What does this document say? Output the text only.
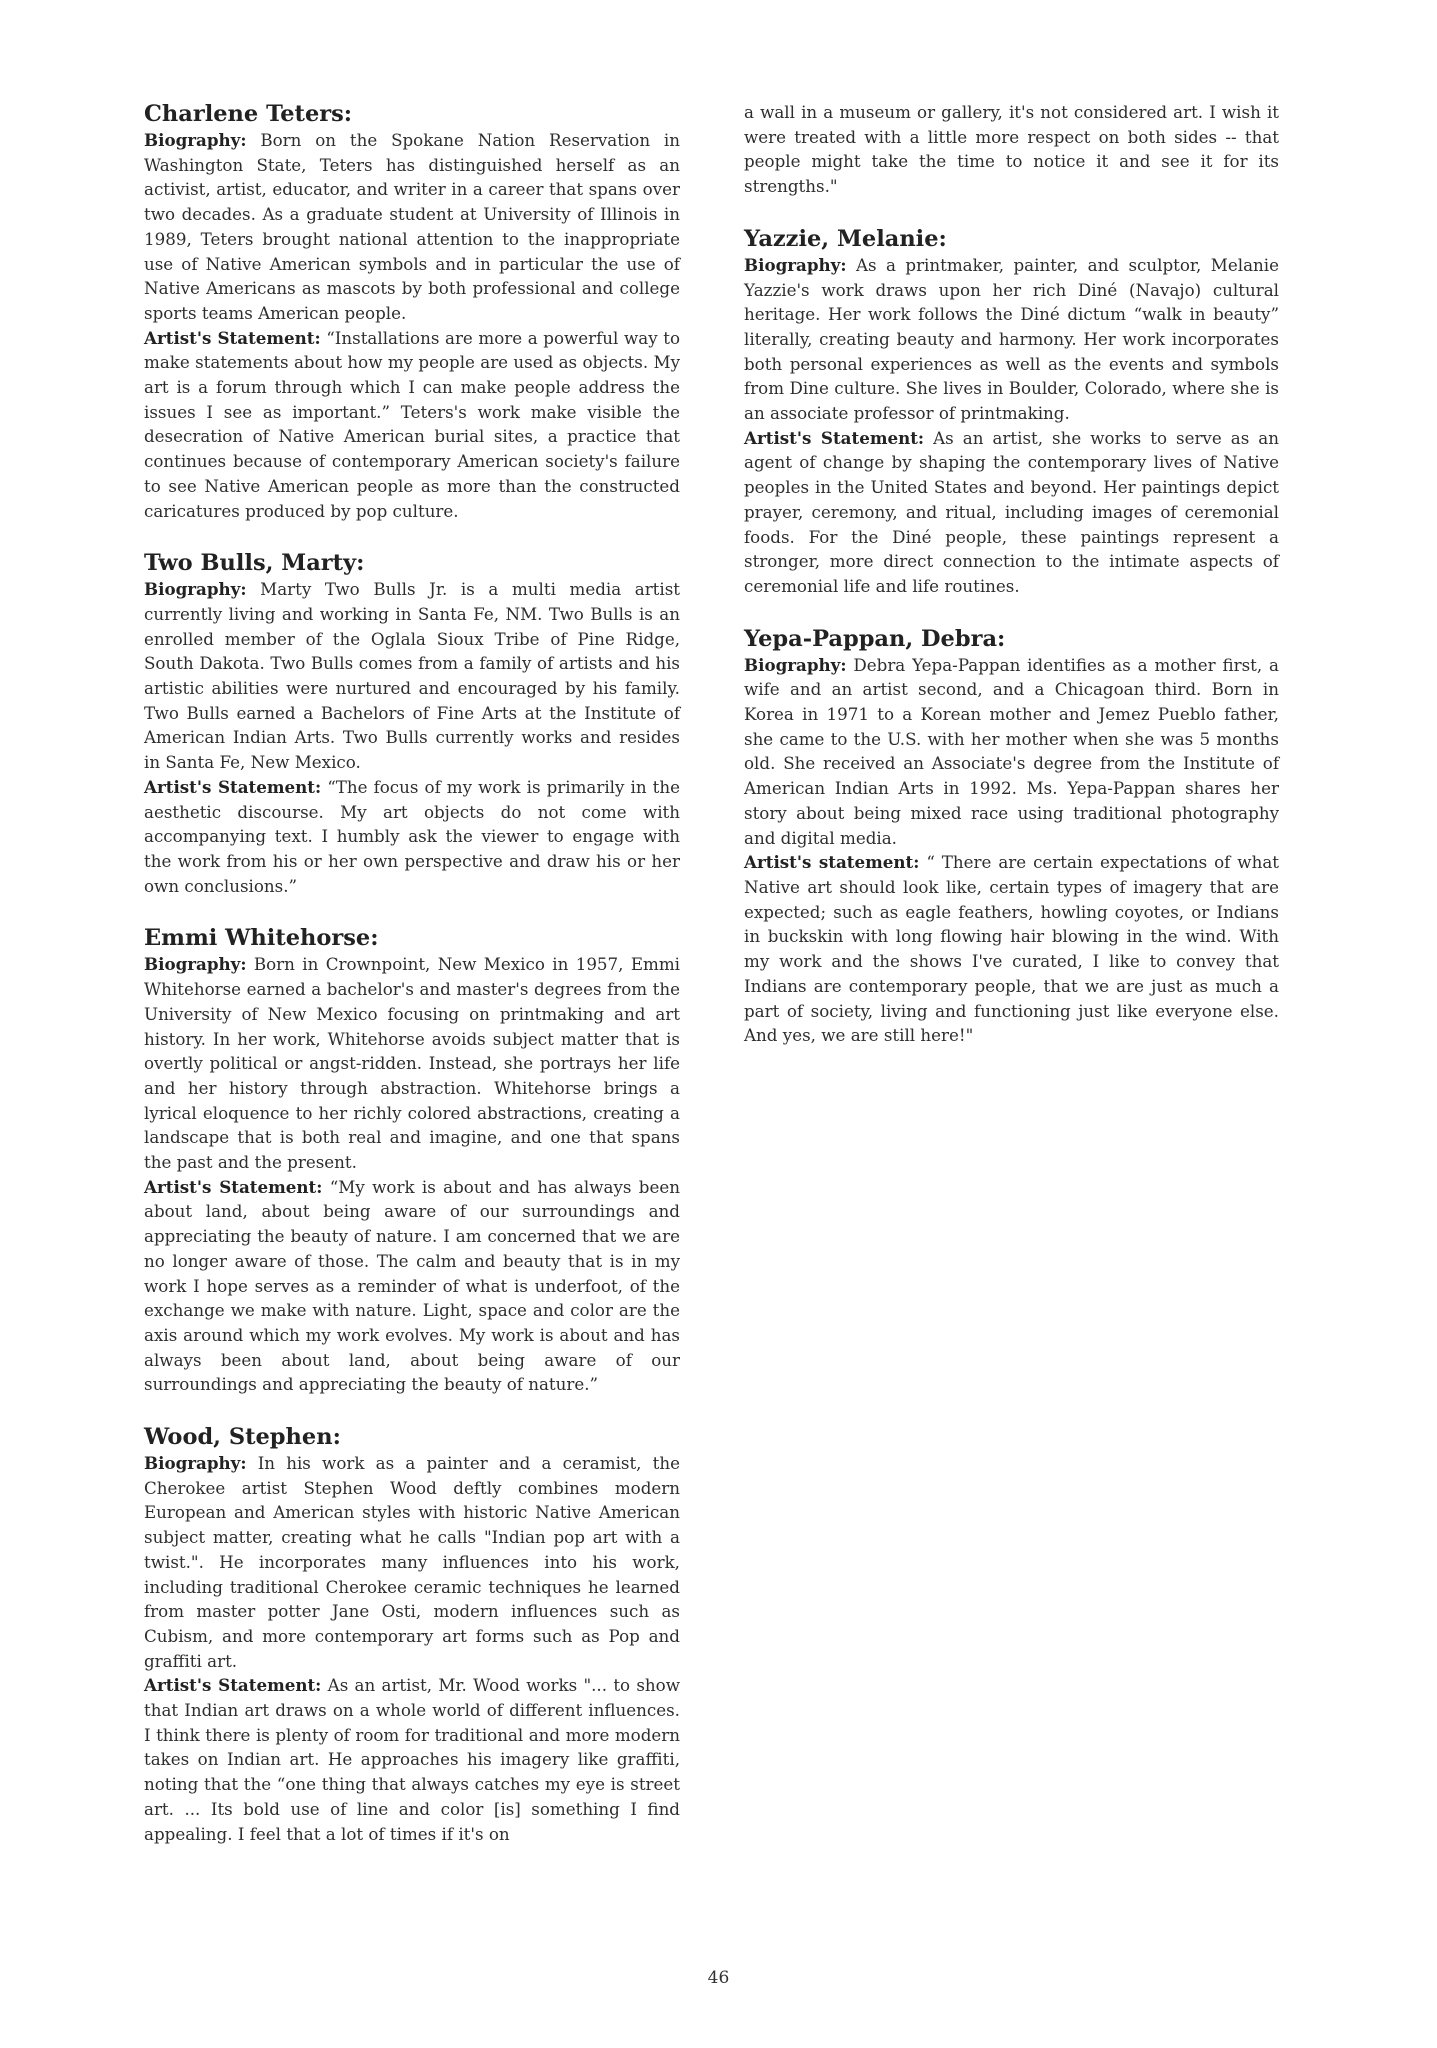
Charlene Teters:

Biography: Born on the Spokane Nation Reservation in Washington State, Teters has distinguished herself as an activist, artist, educator, and writer in a career that spans over two decades. As a graduate student at University of Illinois in 1989, Teters brought national attention to the inappropriate use of Native American symbols and in particular the use of Native Americans as mascots by both professional and college sports teams American people.

Artist's Statement: “Installations are more a powerful way to make statements about how my people are used as objects. My art is a forum through which I can make people address the issues I see as important.” Teters's work make visible the desecration of Native American burial sites, a practice that continues because of contemporary American society's failure to see Native American people as more than the constructed caricatures produced by pop culture.

Two Bulls, Marty:

Biography: Marty Two Bulls Jr. is a multi media artist currently living and working in Santa Fe, NM. Two Bulls is an enrolled member of the Oglala Sioux Tribe of Pine Ridge, South Dakota. Two Bulls comes from a family of artists and his artistic abilities were nurtured and encouraged by his family. Two Bulls earned a Bachelors of Fine Arts at the Institute of American Indian Arts. Two Bulls currently works and resides in Santa Fe, New Mexico.

Artist's Statement: “The focus of my work is primarily in the aesthetic discourse. My art objects do not come with accompanying text. I humbly ask the viewer to engage with the work from his or her own perspective and draw his or her own conclusions.”

Emmi Whitehorse:

Biography: Born in Crownpoint, New Mexico in 1957, Emmi Whitehorse earned a bachelor's and master's degrees from the University of New Mexico focusing on printmaking and art history. In her work, Whitehorse avoids subject matter that is overtly political or angst-ridden. Instead, she portrays her life and her history through abstraction. Whitehorse brings a lyrical eloquence to her richly colored abstractions, creating a landscape that is both real and imagine, and one that spans the past and the present.

Artist's Statement: “My work is about and has always been about land, about being aware of our surroundings and appreciating the beauty of nature. I am concerned that we are no longer aware of those. The calm and beauty that is in my work I hope serves as a reminder of what is underfoot, of the exchange we make with nature. Light, space and color are the axis around which my work evolves. My work is about and has always been about land, about being aware of our surroundings and appreciating the beauty of nature.”

Wood, Stephen:

Biography: In his work as a painter and a ceramist, the Cherokee artist Stephen Wood deftly combines modern European and American styles with historic Native American subject matter, creating what he calls "Indian pop art with a twist.". He incorporates many influences into his work, including traditional Cherokee ceramic techniques he learned from master potter Jane Osti, modern influences such as Cubism, and more contemporary art forms such as Pop and graffiti art.

Artist's Statement: As an artist, Mr. Wood works "... to show that Indian art draws on a whole world of different influences. I think there is plenty of room for traditional and more modern takes on Indian art. He approaches his imagery like graffiti, noting that the “one thing that always catches my eye is street art. ... Its bold use of line and color [is] something I find appealing. I feel that a lot of times if it's on

a wall in a museum or gallery, it's not considered art. I wish it were treated with a little more respect on both sides -- that people might take the time to notice it and see it for its strengths."

Yazzie, Melanie:

Biography: As a printmaker, painter, and sculptor, Melanie Yazzie's work draws upon her rich Diné (Navajo) cultural heritage. Her work follows the Diné dictum “walk in beauty” literally, creating beauty and harmony. Her work incorporates both personal experiences as well as the events and symbols from Dine culture. She lives in Boulder, Colorado, where she is an associate professor of printmaking.

Artist's Statement: As an artist, she works to serve as an agent of change by shaping the contemporary lives of Native peoples in the United States and beyond. Her paintings depict prayer, ceremony, and ritual, including images of ceremonial foods. For the Diné people, these paintings represent a stronger, more direct connection to the intimate aspects of ceremonial life and life routines.

Yepa-Pappan, Debra:

Biography: Debra Yepa-Pappan identifies as a mother first, a wife and an artist second, and a Chicagoan third. Born in Korea in 1971 to a Korean mother and Jemez Pueblo father, she came to the U.S. with her mother when she was 5 months old. She received an Associate's degree from the Institute of American Indian Arts in 1992. Ms. Yepa-Pappan shares her story about being mixed race using traditional photography and digital media.

Artist's statement: “ There are certain expectations of what Native art should look like, certain types of imagery that are expected; such as eagle feathers, howling coyotes, or Indians in buckskin with long flowing hair blowing in the wind. With my work and the shows I've curated, I like to convey that Indians are contemporary people, that we are just as much a part of society, living and functioning just like everyone else. And yes, we are still here!"

46
